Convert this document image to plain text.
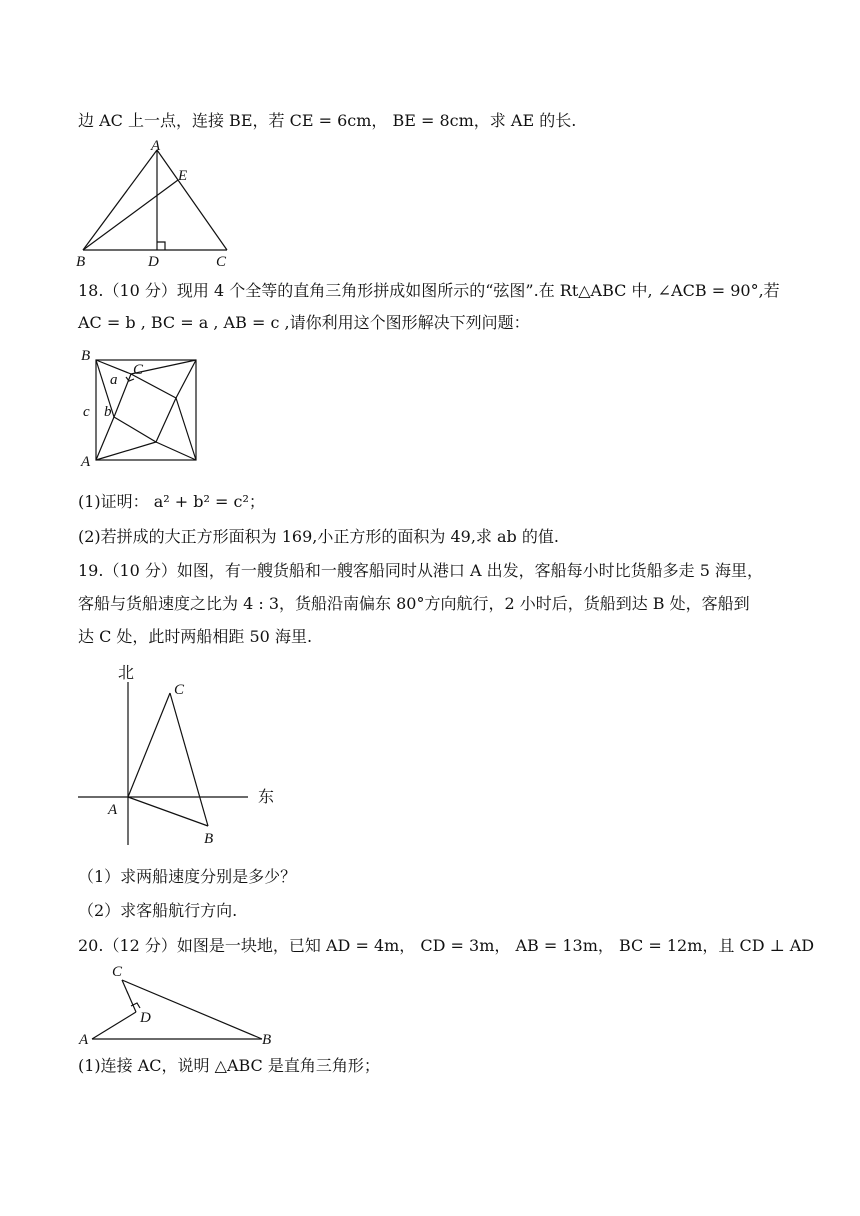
边 AC 上一点，连接 BE，若 CE = 6cm， BE = 8cm，求 AE 的长.
A
E
B	D	C
18.（10 分）现用 4 个全等的直角三角形拼成如图所示的“弦图”.在 Rt△ABC 中, ∠ACB = 90°,若
AC = b , BC = a , AB = c ,请你利用这个图形解决下列问题：
B
C
a
c b
A
(1)证明： a² + b² = c²；
(2)若拼成的大正方形面积为 169,小正方形的面积为 49,求 ab 的值.
19.（10 分）如图，有一艘货船和一艘客船同时从港口 A 出发，客船每小时比货船多走 5 海里，
客船与货船速度之比为 4 : 3，货船沿南偏东 80°方向航行，2 小时后，货船到达 B 处，客船到
达 C 处，此时两船相距 50 海里.
北
东
C
A
B
（1）求两船速度分别是多少？
（2）求客船航行方向.
20.（12 分）如图是一块地，已知 AD = 4m， CD = 3m， AB = 13m， BC = 12m，且 CD ⊥ AD
C
D
A	B
(1)连接 AC，说明 △ABC 是直角三角形；
